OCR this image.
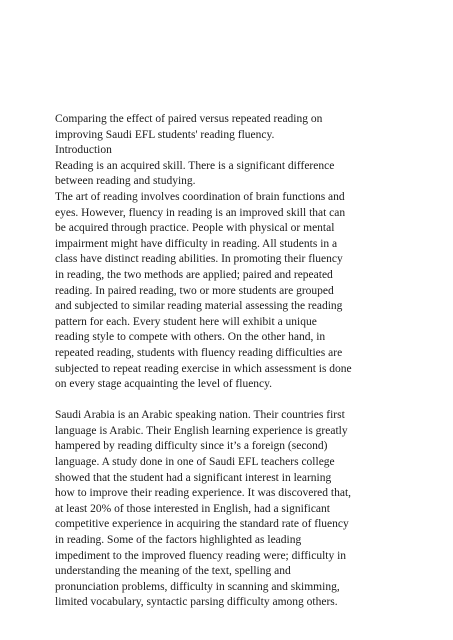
Comparing the effect of paired versus repeated reading on
improving Saudi EFL students' reading fluency.
Introduction
Reading is an acquired skill. There is a significant difference
between reading and studying.
The art of reading involves coordination of brain functions and
eyes. However, fluency in reading is an improved skill that can
be acquired through practice. People with physical or mental
impairment might have difficulty in reading. All students in a
class have distinct reading abilities. In promoting their fluency
in reading, the two methods are applied; paired and repeated
reading. In paired reading, two or more students are grouped
and subjected to similar reading material assessing the reading
pattern for each. Every student here will exhibit a unique
reading style to compete with others. On the other hand, in
repeated reading, students with fluency reading difficulties are
subjected to repeat reading exercise in which assessment is done
on every stage acquainting the level of fluency.
Saudi Arabia is an Arabic speaking nation. Their countries first
language is Arabic. Their English learning experience is greatly
hampered by reading difficulty since it’s a foreign (second)
language. A study done in one of Saudi EFL teachers college
showed that the student had a significant interest in learning
how to improve their reading experience. It was discovered that,
at least 20% of those interested in English, had a significant
competitive experience in acquiring the standard rate of fluency
in reading. Some of the factors highlighted as leading
impediment to the improved fluency reading were; difficulty in
understanding the meaning of the text, spelling and
pronunciation problems, difficulty in scanning and skimming,
limited vocabulary, syntactic parsing difficulty among others.
